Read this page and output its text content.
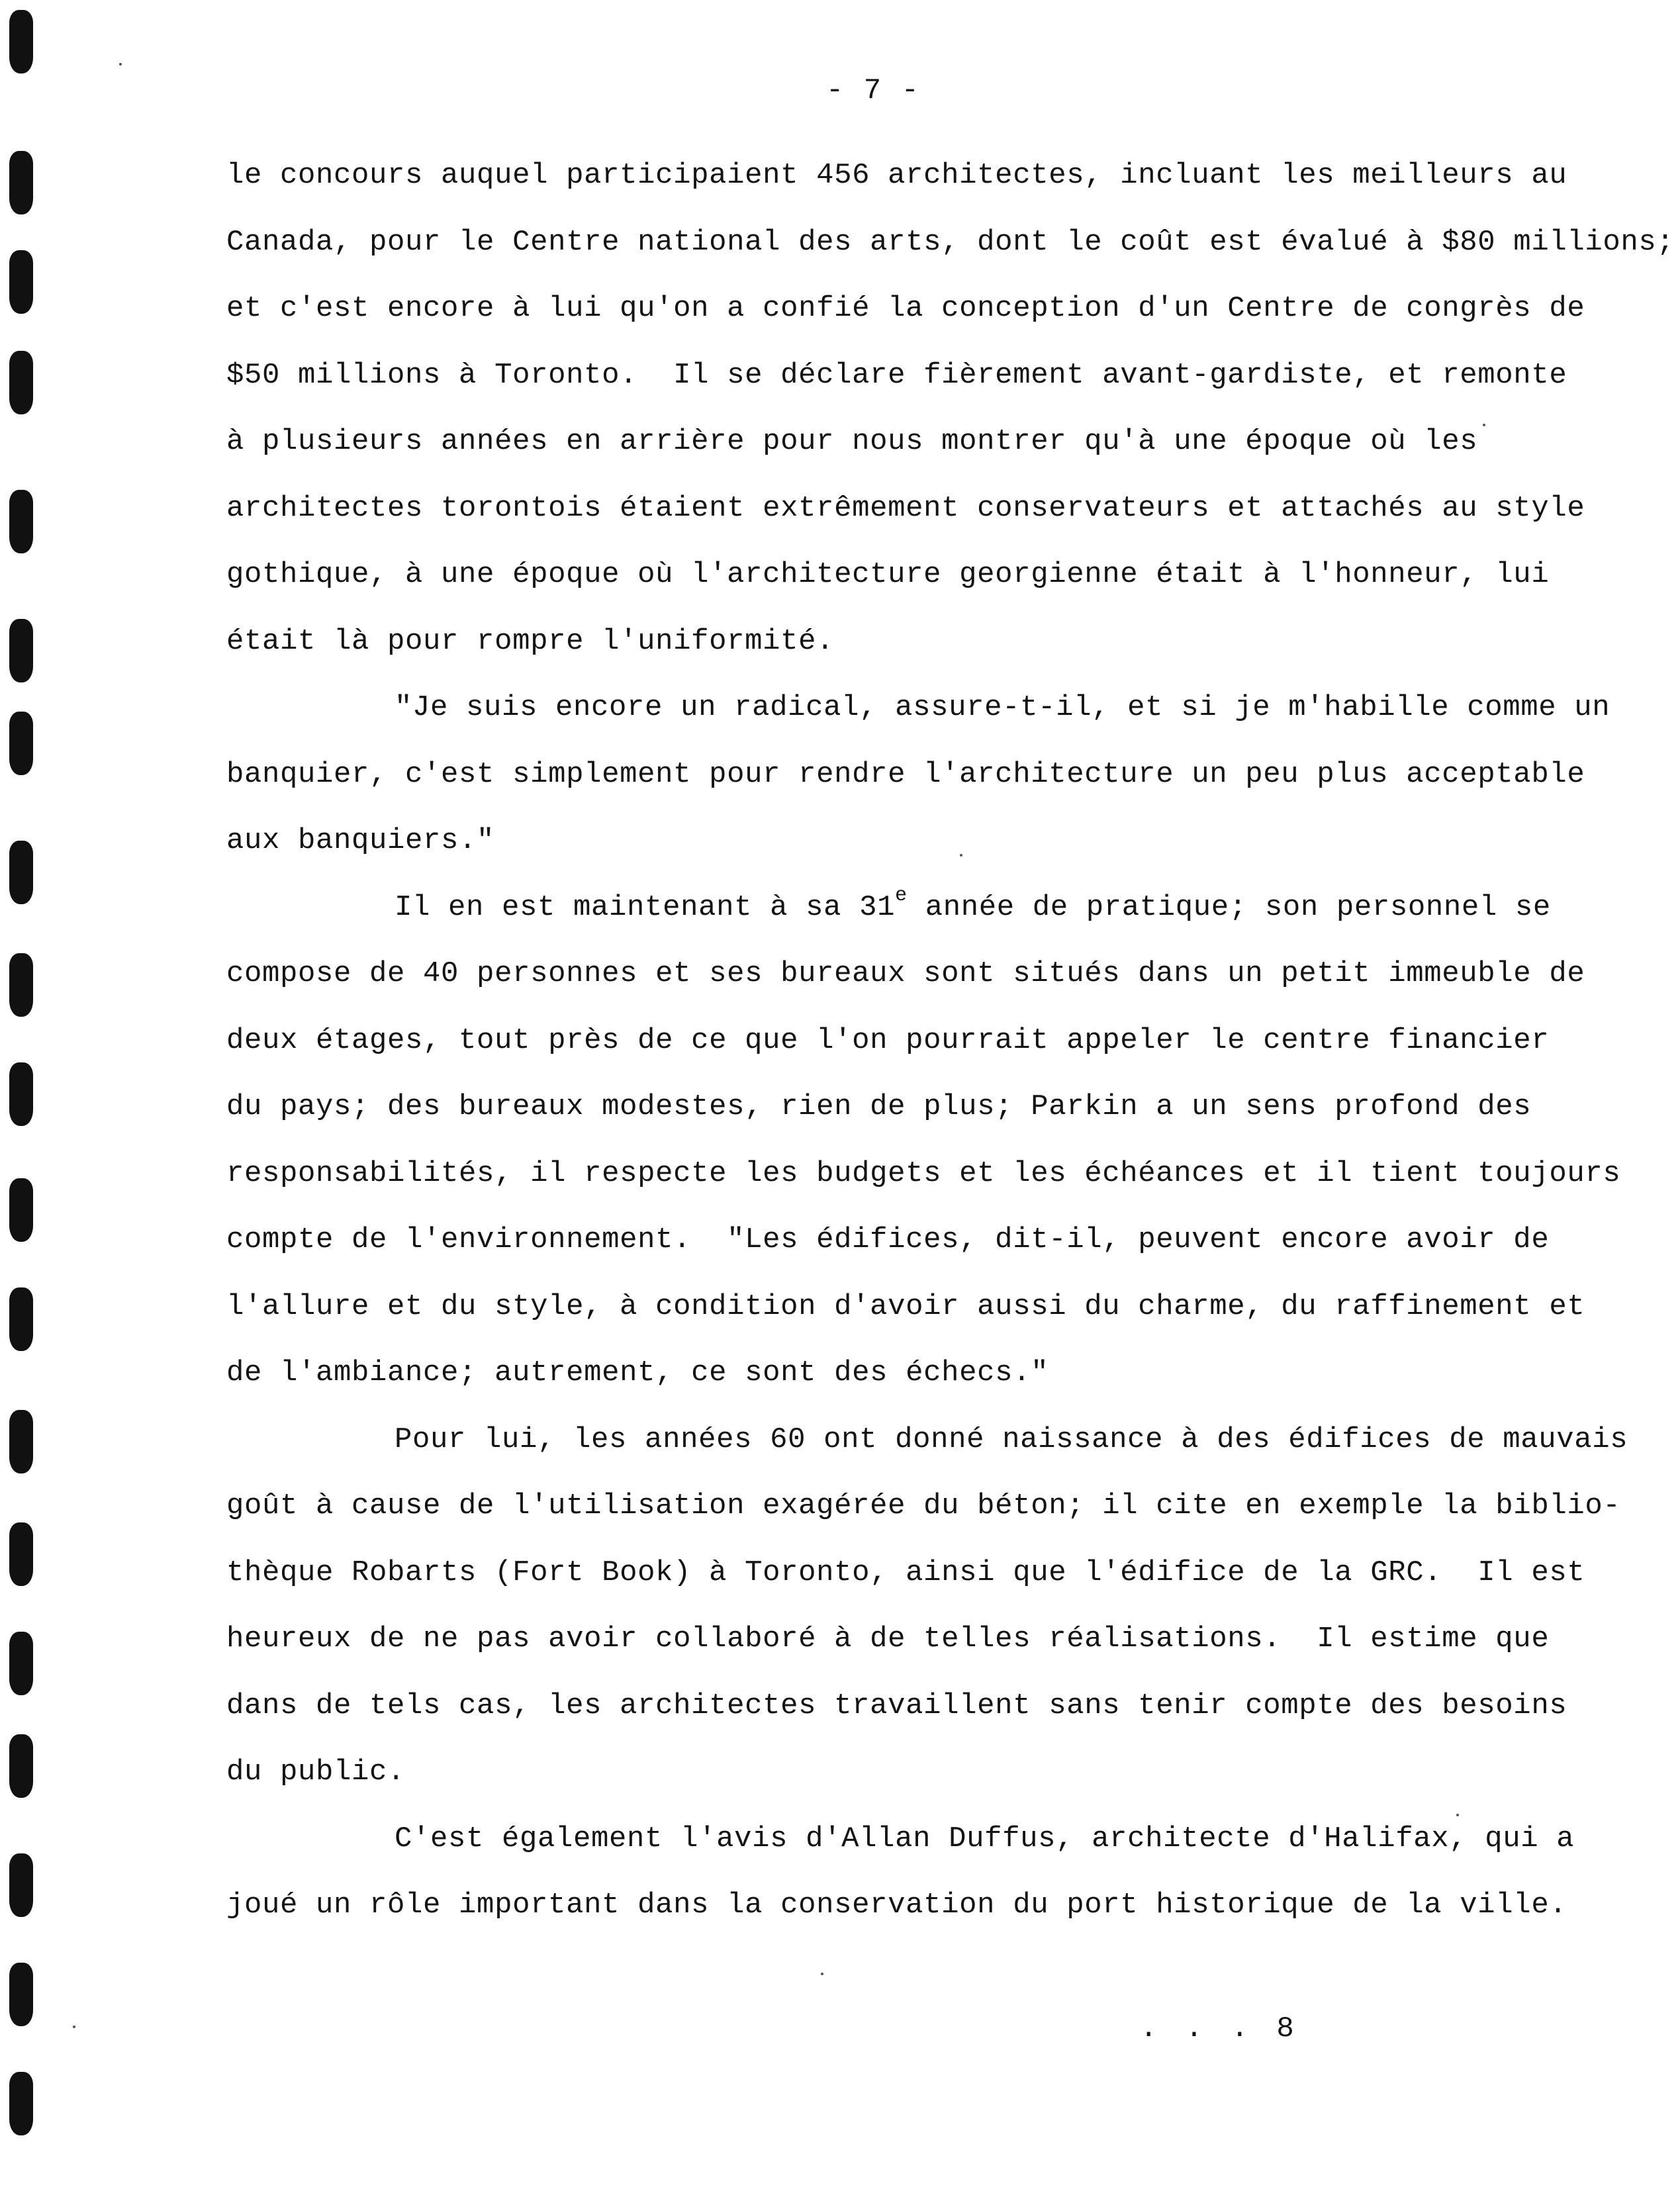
- 7 -

le concours auquel participaient 456 architectes, incluant les meilleurs au

Canada, pour le Centre national des arts, dont le coût est évalué à $80 millions;

et c'est encore à lui qu'on a confié la conception d'un Centre de congrès de

$50 millions à Toronto.  Il se déclare fièrement avant-gardiste, et remonte

à plusieurs années en arrière pour nous montrer qu'à une époque où les

architectes torontois étaient extrêmement conservateurs et attachés au style

gothique, à une époque où l'architecture georgienne était à l'honneur, lui

était là pour rompre l'uniformité.

"Je suis encore un radical, assure-t-il, et si je m'habille comme un

banquier, c'est simplement pour rendre l'architecture un peu plus acceptable

aux banquiers."

Il en est maintenant à sa 31e année de pratique; son personnel se

compose de 40 personnes et ses bureaux sont situés dans un petit immeuble de

deux étages, tout près de ce que l'on pourrait appeler le centre financier

du pays; des bureaux modestes, rien de plus; Parkin a un sens profond des

responsabilités, il respecte les budgets et les échéances et il tient toujours

compte de l'environnement.  "Les édifices, dit-il, peuvent encore avoir de

l'allure et du style, à condition d'avoir aussi du charme, du raffinement et

de l'ambiance; autrement, ce sont des échecs."

Pour lui, les années 60 ont donné naissance à des édifices de mauvais

goût à cause de l'utilisation exagérée du béton; il cite en exemple la biblio-

thèque Robarts (Fort Book) à Toronto, ainsi que l'édifice de la GRC.  Il est

heureux de ne pas avoir collaboré à de telles réalisations.  Il estime que

dans de tels cas, les architectes travaillent sans tenir compte des besoins

du public.

C'est également l'avis d'Allan Duffus, architecte d'Halifax, qui a

joué un rôle important dans la conservation du port historique de la ville.

. . . 8
